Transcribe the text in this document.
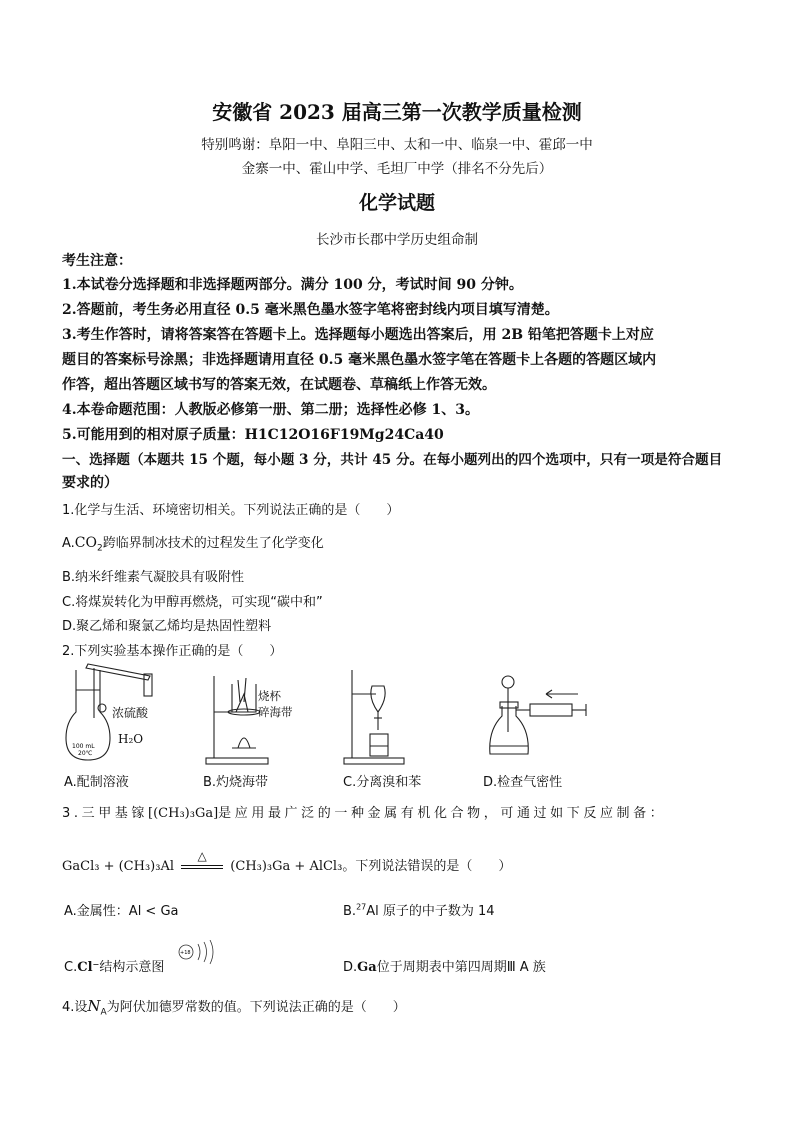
安徽省 2023 届高三第一次教学质量检测
特别鸣谢：阜阳一中、阜阳三中、太和一中、临泉一中、霍邱一中
金寨一中、霍山中学、毛坦厂中学（排名不分先后）
化学试题
长沙市长郡中学历史组命制
考生注意：
1.本试卷分选择题和非选择题两部分。满分 100 分，考试时间 90 分钟。
2.答题前，考生务必用直径 0.5 毫米黑色墨水签字笔将密封线内项目填写清楚。
3.考生作答时，请将答案答在答题卡上。选择题每小题选出答案后，用 2B 铅笔把答题卡上对应
题目的答案标号涂黑；非选择题请用直径 0.5 毫米黑色墨水签字笔在答题卡上各题的答题区域内
作答，超出答题区域书写的答案无效，在试题卷、草稿纸上作答无效。
4.本卷命题范围：人教版必修第一册、第二册；选择性必修 1、3。
5.可能用到的相对原子质量：H1C12O16F19Mg24Ca40
一、选择题（本题共 15 个题，每小题 3 分，共计 45 分。在每小题列出的四个选项中，只有一项是符合题目
要求的）
1.化学与生活、环境密切相关。下列说法正确的是（　　）
$A.CO_2$跨临界制冰技术的过程发生了化学变化
B.纳米纤维素气凝胶具有吸附性
C.将煤炭转化为甲醇再燃烧，可实现“碳中和”
D.聚乙烯和聚氯乙烯均是热固性塑料
2.下列实验基本操作正确的是（　　）
100 mL
20℃
浓硫酸
H₂O
烧杯
碎海带
A.配制溶液	B.灼烧海带	C.分离溴和苯	D.检查气密性
3.三甲基镓[(CH₃)₃Ga]是应用最广泛的一种金属有机化合物，可通过如下反应制备：
GaCl₃ + (CH₃)₃Al
△
(CH₃)₃Ga + AlCl₃。下列说法错误的是（　　）
A.金属性：Al < Ga	B.$^{27}$Al 原子的中子数为 14
C.Cl⁻结构示意图
+18
D.Ga位于周期表中第四周期Ⅲ A 族
4.设$N_A$为阿伏加德罗常数的值。下列说法正确的是（　　）
